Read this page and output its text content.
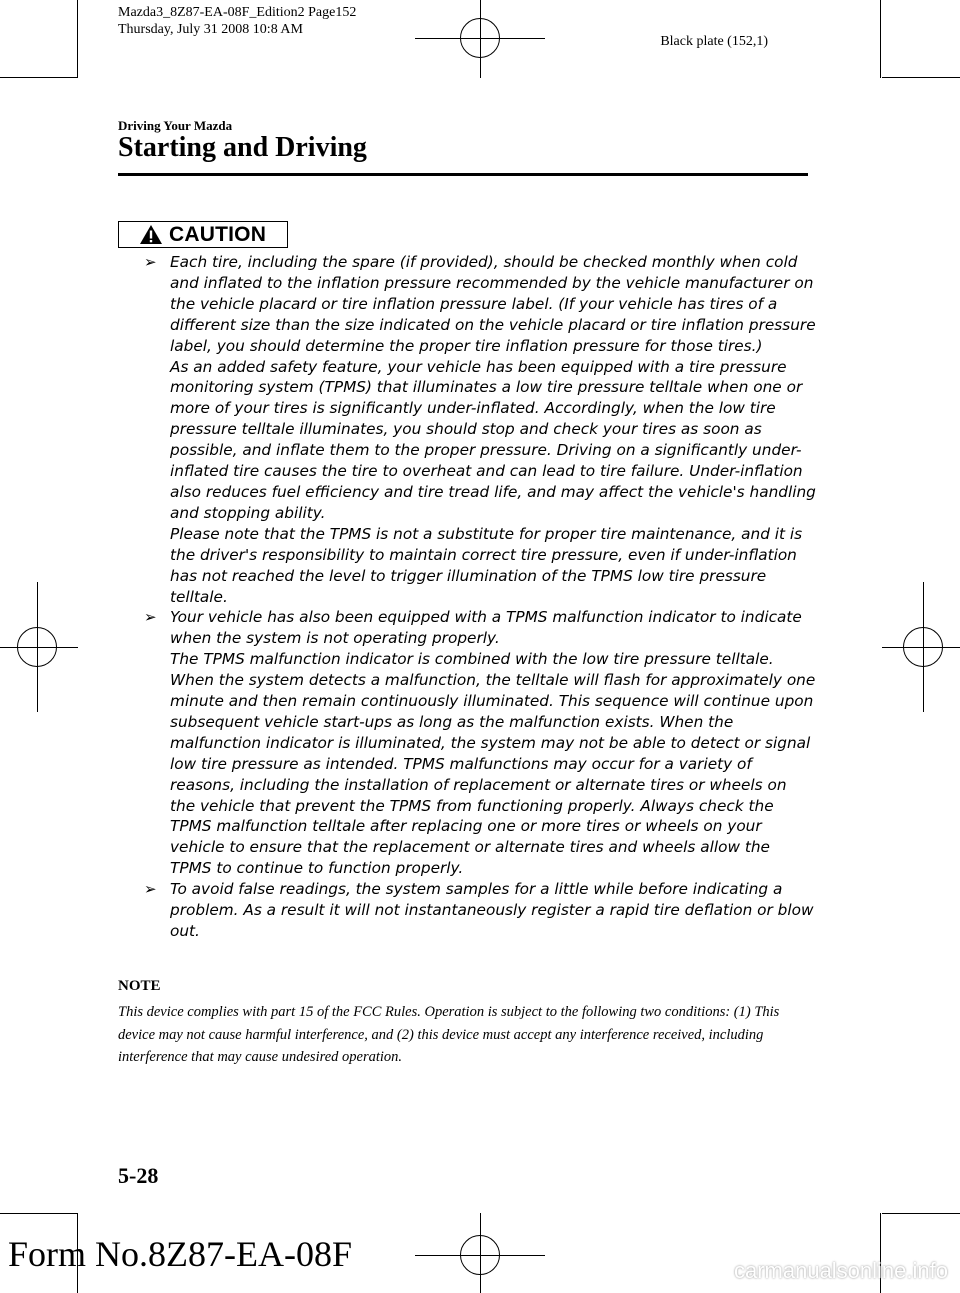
Mazda3_8Z87-EA-08F_Edition2 Page152
Thursday, July 31 2008 10:8 AM
Black plate (152,1)
Driving Your Mazda
Starting and Driving
CAUTION
➢ Each tire, including the spare (if provided), should be checked monthly when cold and inflated to the inflation pressure recommended by the vehicle manufacturer on the vehicle placard or tire inflation pressure label. (If your vehicle has tires of a different size than the size indicated on the vehicle placard or tire inflation pressure label, you should determine the proper tire inflation pressure for those tires.)

As an added safety feature, your vehicle has been equipped with a tire pressure monitoring system (TPMS) that illuminates a low tire pressure telltale when one or more of your tires is significantly under-inflated. Accordingly, when the low tire pressure telltale illuminates, you should stop and check your tires as soon as possible, and inflate them to the proper pressure. Driving on a significantly under-inflated tire causes the tire to overheat and can lead to tire failure. Under-inflation also reduces fuel efficiency and tire tread life, and may affect the vehicle's handling and stopping ability.

Please note that the TPMS is not a substitute for proper tire maintenance, and it is the driver's responsibility to maintain correct tire pressure, even if under-inflation has not reached the level to trigger illumination of the TPMS low tire pressure telltale.

➢ Your vehicle has also been equipped with a TPMS malfunction indicator to indicate when the system is not operating properly.

The TPMS malfunction indicator is combined with the low tire pressure telltale. When the system detects a malfunction, the telltale will flash for approximately one minute and then remain continuously illuminated. This sequence will continue upon subsequent vehicle start-ups as long as the malfunction exists. When the malfunction indicator is illuminated, the system may not be able to detect or signal low tire pressure as intended. TPMS malfunctions may occur for a variety of reasons, including the installation of replacement or alternate tires or wheels on the vehicle that prevent the TPMS from functioning properly. Always check the TPMS malfunction telltale after replacing one or more tires or wheels on your vehicle to ensure that the replacement or alternate tires and wheels allow the TPMS to continue to function properly.

➢ To avoid false readings, the system samples for a little while before indicating a problem. As a result it will not instantaneously register a rapid tire deflation or blow out.

NOTE

This device complies with part 15 of the FCC Rules. Operation is subject to the following two conditions: (1) This device may not cause harmful interference, and (2) this device must accept any interference received, including interference that may cause undesired operation.

5-28
Form No.8Z87-EA-08F	carmanualsonline.info
